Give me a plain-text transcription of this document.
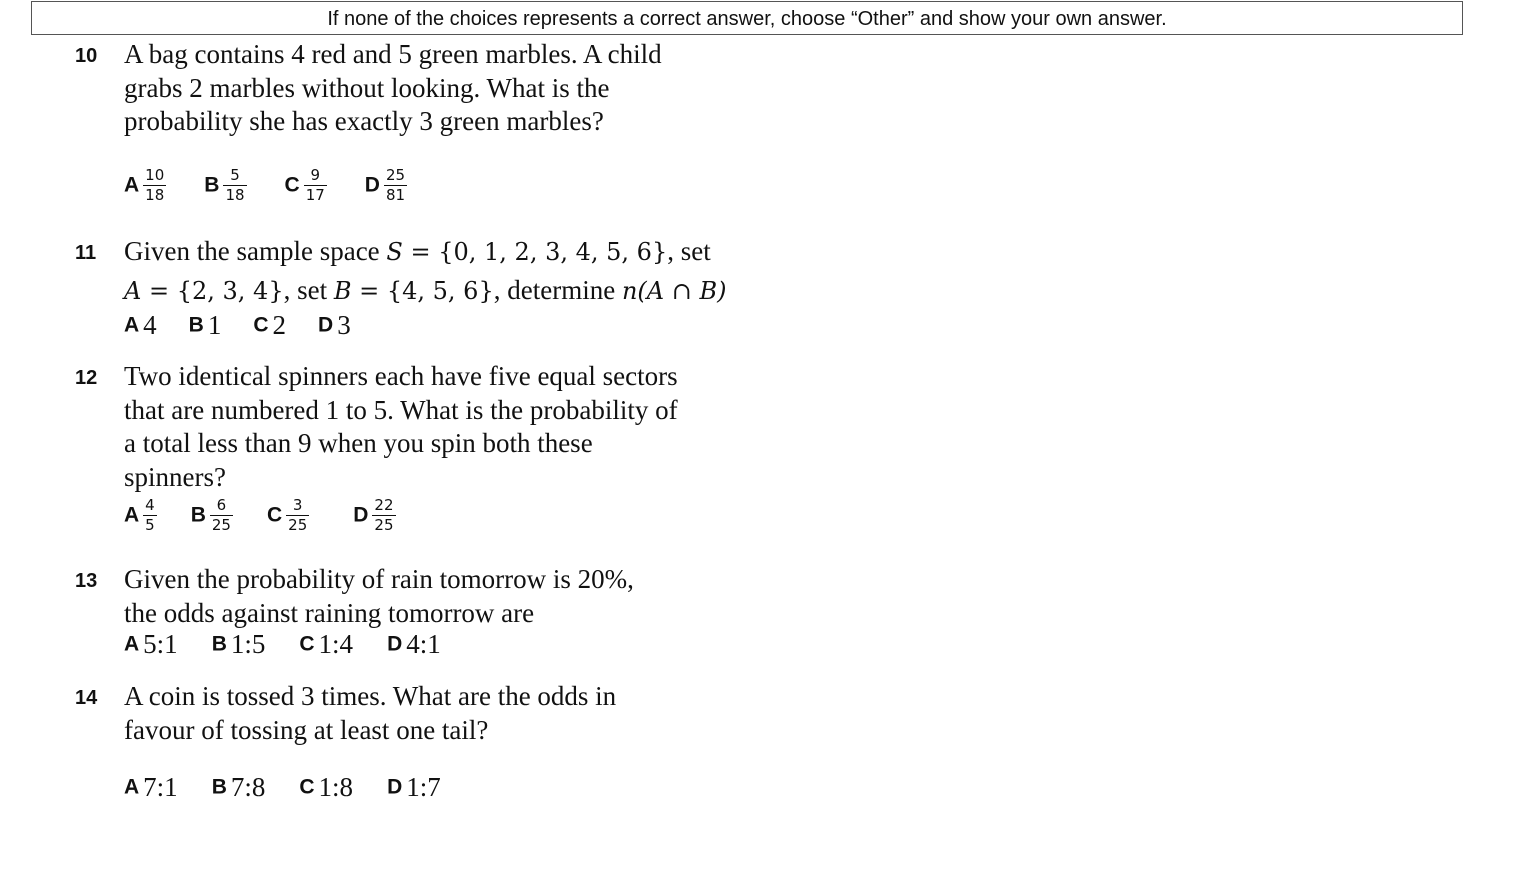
If none of the choices represents a correct answer, choose “Other” and show your own answer.
10 A bag contains 4 red and 5 green marbles. A child
grabs 2 marbles without looking. What is the
probability she has exactly 3 green marbles?
A $\frac{10}{18}$ B $\frac{5}{18}$ C $\frac{9}{17}$ D $\frac{25}{81}$
11 Given the sample space S = {0, 1, 2, 3, 4, 5, 6}, set
A = {2, 3, 4}, set B = {4, 5, 6}, determine n(A ∩ B)
A 4 B 1 C 2 D 3
12 Two identical spinners each have five equal sectors
that are numbered 1 to 5. What is the probability of
a total less than 9 when you spin both these
spinners?
A $\frac{4}{5}$ B $\frac{6}{25}$ C $\frac{3}{25}$ D $\frac{22}{25}$
13 Given the probability of rain tomorrow is 20%,
the odds against raining tomorrow are
A 5:1 B 1:5 C 1:4 D 4:1
14 A coin is tossed 3 times. What are the odds in
favour of tossing at least one tail?
A 7:1 B 7:8 C 1:8 D 1:7
